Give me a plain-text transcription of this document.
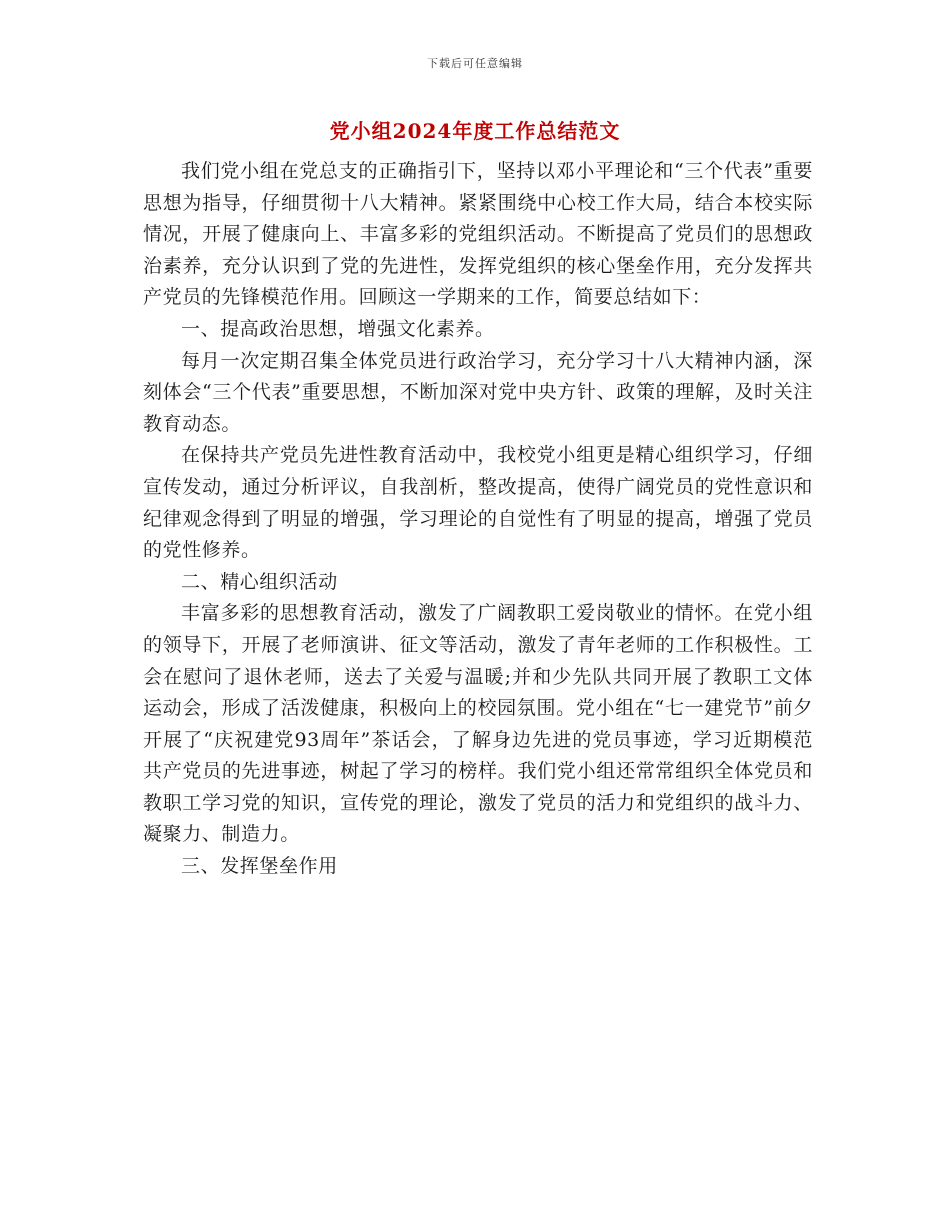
下载后可任意编辑
党小组2024年度工作总结范文

我们党小组在党总支的正确指引下，坚持以邓小平理论和“三个代表”重要思想为指导，仔细贯彻十八大精神。紧紧围绕中心校工作大局，结合本校实际情况，开展了健康向上、丰富多彩的党组织活动。不断提高了党员们的思想政治素养，充分认识到了党的先进性，发挥党组织的核心堡垒作用，充分发挥共产党员的先锋模范作用。回顾这一学期来的工作，简要总结如下：

一、提高政治思想，增强文化素养。

每月一次定期召集全体党员进行政治学习，充分学习十八大精神内涵，深刻体会“三个代表”重要思想，不断加深对党中央方针、政策的理解，及时关注教育动态。

在保持共产党员先进性教育活动中，我校党小组更是精心组织学习，仔细宣传发动，通过分析评议，自我剖析，整改提高，使得广阔党员的党性意识和纪律观念得到了明显的增强，学习理论的自觉性有了明显的提高，增强了党员的党性修养。

二、精心组织活动

丰富多彩的思想教育活动，激发了广阔教职工爱岗敬业的情怀。在党小组的领导下，开展了老师演讲、征文等活动，激发了青年老师的工作积极性。工会在慰问了退休老师，送去了关爱与温暖;并和少先队共同开展了教职工文体运动会，形成了活泼健康，积极向上的校园氛围。党小组在“七一建党节”前夕开展了“庆祝建党93周年”茶话会，了解身边先进的党员事迹，学习近期模范共产党员的先进事迹，树起了学习的榜样。我们党小组还常常组织全体党员和教职工学习党的知识，宣传党的理论，激发了党员的活力和党组织的战斗力、凝聚力、制造力。

三、发挥堡垒作用
